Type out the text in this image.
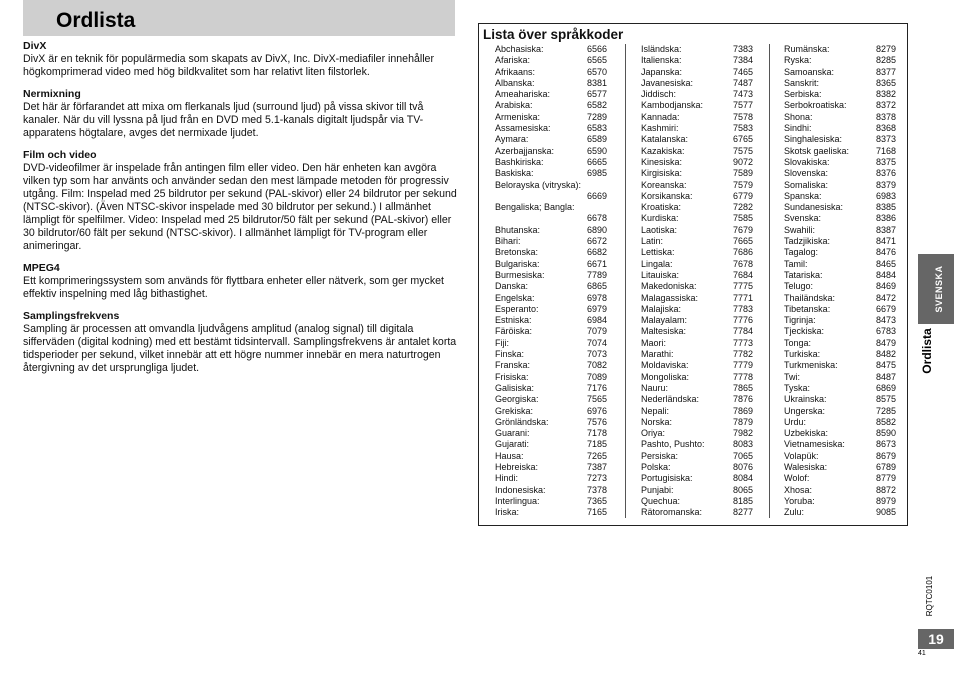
Ordlista
DivX

DivX är en teknik för populärmedia som skapats av DivX, Inc. DivX-mediafiler innehåller högkomprimerad video med hög bildkvalitet som har relativt liten filstorlek.

Nermixning

Det här är förfarandet att mixa om flerkanals ljud (surround ljud) på vissa skivor till två kanaler. När du vill lyssna på ljud från en DVD med 5.1-kanals digitalt ljudspår via TV-apparatens högtalare, avges det nermixade ljudet.

Film och video

DVD-videofilmer är inspelade från antingen film eller video. Den här enheten kan avgöra vilken typ som har använts och använder sedan den mest lämpade metoden för progressiv utgång. Film: Inspelad med 25 bildrutor per sekund (PAL-skivor) eller 24 bildrutor per sekund (NTSC-skivor). (Även NTSC-skivor inspelade med 30 bildrutor per sekund.) I allmänhet lämpligt för spelfilmer. Video: Inspelad med 25 bildrutor/50 fält per sekund (PAL-skivor) eller 30 bildrutor/60 fält per sekund (NTSC-skivor). I allmänhet lämpligt för TV-program eller animeringar.

MPEG4

Ett komprimeringssystem som används för flyttbara enheter eller nätverk, som ger mycket effektiv inspelning med låg bithastighet.

Samplingsfrekvens

Sampling är processen att omvandla ljudvågens amplitud (analog signal) till digitala sifferväden (digital kodning) med ett bestämt tidsintervall. Samplingsfrekvens är antalet korta tidsperioder per sekund, vilket innebär att ett högre nummer innebär en mera naturtrogen återgivning av det ursprungliga ljudet.

Lista över språkkoder
Abchasiska:	6566
Afariska:	6565
Afrikaans:	6570
Albanska:	8381
Ameahariska:	6577
Arabiska:	6582
Armeniska:	7289
Assamesiska:	6583
Aymara:	6589
Azerbajjanska:	6590
Bashkiriska:	6665
Baskiska:	6985
Belorayska (vitryska):
6669
Bengaliska; Bangla:
6678
Bhutanska:	6890
Bihari:	6672
Bretonska:	6682
Bulgariska:	6671
Burmesiska:	7789
Danska:	6865
Engelska:	6978
Esperanto:	6979
Estniska:	6984
Färöiska:	7079
Fiji:	7074
Finska:	7073
Franska:	7082
Frisiska:	7089
Galisiska:	7176
Georgiska:	7565
Grekiska:	6976
Grönländska:	7576
Guarani:	7178
Gujarati:	7185
Hausa:	7265
Hebreiska:	7387
Hindi:	7273
Indonesiska:	7378
Interlingua:	7365
Iriska:	7165
Isländska:	7383
Italienska:	7384
Japanska:	7465
Javanesiska:	7487
Jiddisch:	7473
Kambodjanska:	7577
Kannada:	7578
Kashmiri:	7583
Katalanska:	6765
Kazakiska:	7575
Kinesiska:	9072
Kirgisiska:	7589
Koreanska:	7579
Korsikanska:	6779
Kroatiska:	7282
Kurdiska:	7585
Laotiska:	7679
Latin:	7665
Lettiska:	7686
Lingala:	7678
Litauiska:	7684
Makedoniska:	7775
Malagassiska:	7771
Malajiska:	7783
Malayalam:	7776
Maltesiska:	7784
Maori:	7773
Marathi:	7782
Moldaviska:	7779
Mongoliska:	7778
Nauru:	7865
Nederländska:	7876
Nepali:	7869
Norska:	7879
Oriya:	7982
Pashto, Pushto:	8083
Persiska:	7065
Polska:	8076
Portugisiska:	8084
Punjabi:	8065
Quechua:	8185
Rätoromanska:	8277
Rumänska:	8279
Ryska:	8285
Samoanska:	8377
Sanskrit:	8365
Serbiska:	8382
Serbokroatiska:	8372
Shona:	8378
Sindhi:	8368
Singhalesiska:	8373
Skotsk gaeliska:	7168
Slovakiska:	8375
Slovenska:	8376
Somaliska:	8379
Spanska:	6983
Sundanesiska:	8385
Svenska:	8386
Swahili:	8387
Tadzjikiska:	8471
Tagalog:	8476
Tamil:	8465
Tatariska:	8484
Telugo:	8469
Thailändska:	8472
Tibetanska:	6679
Tigrinja:	8473
Tjeckiska:	6783
Tonga:	8479
Turkiska:	8482
Turkmeniska:	8475
Twi:	8487
Tyska:	6869
Ukrainska:	8575
Ungerska:	7285
Urdu:	8582
Uzbekiska:	8590
Vietnamesiska:	8673
Volapük:	8679
Walesiska:	6789
Wolof:	8779
Xhosa:	8872
Yoruba:	8979
Zulu:	9085
SVENSKA
Ordlista
RQTC0101
19
41
